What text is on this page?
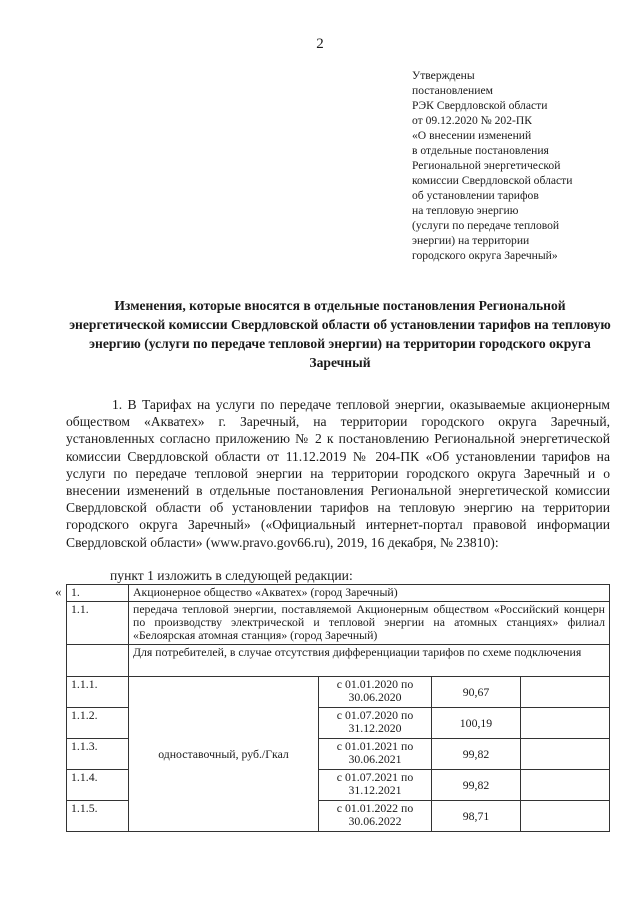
2
Утверждены
постановлением
РЭК Свердловской области
от 09.12.2020 № 202-ПК
«О внесении изменений
в отдельные постановления
Региональной энергетической
комиссии Свердловской области
об установлении тарифов
на тепловую энергию
(услуги по передаче тепловой
энергии) на территории
городского округа Заречный»
Изменения, которые вносятся в отдельные постановления Региональной энергетической комиссии Свердловской области об установлении тарифов на тепловую энергию (услуги по передаче тепловой энергии) на территории городского округа Заречный
1. В Тарифах на услуги по передаче тепловой энергии, оказываемые акционерным обществом «Акватех» г. Заречный, на территории городского округа Заречный, установленных согласно приложению № 2 к постановлению Региональной энергетической комиссии Свердловской области от 11.12.2019 № 204-ПК «Об установлении тарифов на услуги по передаче тепловой энергии на территории городского округа Заречный и о внесении изменений в отдельные постановления Региональной энергетической комиссии Свердловской области об установлении тарифов на тепловую энергию на территории городского округа Заречный» («Официальный интернет-портал правовой информации Свердловской области» (www.pravo.gov66.ru), 2019, 16 декабря, № 23810):
пункт 1 изложить в следующей редакции:
« 1.	Акционерное общество «Акватех» (город Заречный)			
1.1.	передача тепловой энергии, поставляемой Акционерным обществом «Российский концерн по производству электрической и тепловой энергии на атомных станциях» филиал «Белоярская атомная станция» (город Заречный)			
	Для потребителей, в случае отсутствия дифференциации тарифов по схеме подключения			
1.1.1.	одноставочный, руб./Гкал	с 01.01.2020 по 30.06.2020	90,67	
1.1.2.		с 01.07.2020 по 31.12.2020	100,19	
1.1.3.		с 01.01.2021 по 30.06.2021	99,82	
1.1.4.		с 01.07.2021 по 31.12.2021	99,82	
1.1.5.		с 01.01.2022 по 30.06.2022	98,71	
